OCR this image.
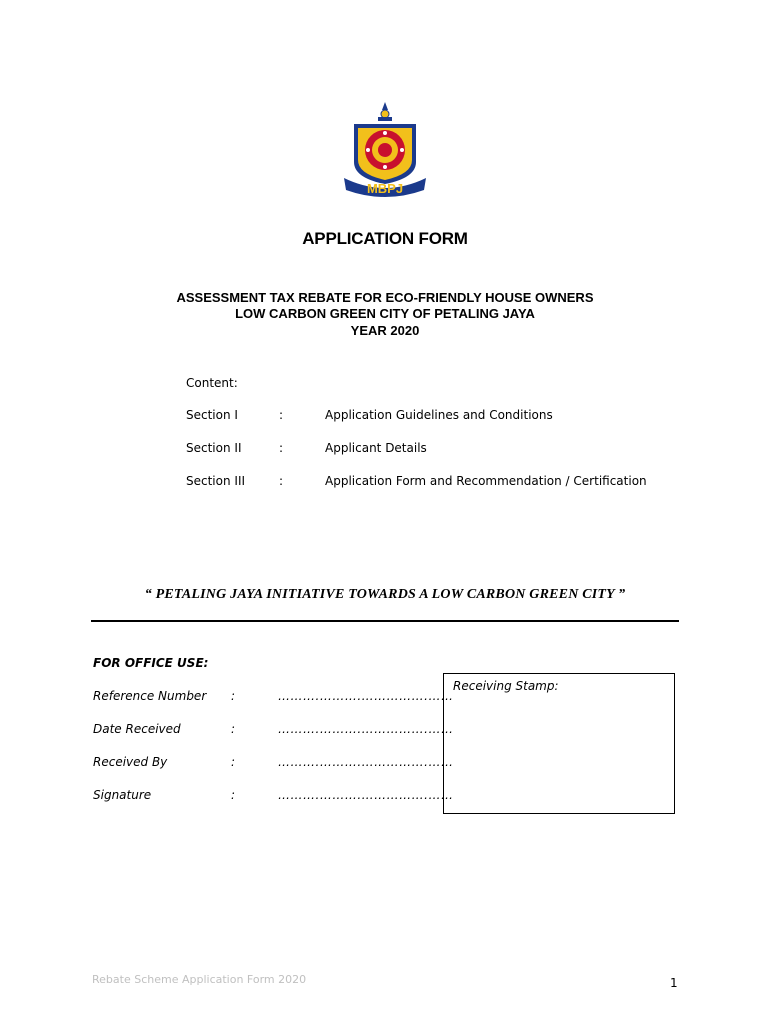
MBPJ
APPLICATION FORM
ASSESSMENT TAX REBATE FOR ECO-FRIENDLY HOUSE OWNERS
LOW CARBON GREEN CITY OF PETALING JAYA
YEAR 2020
Content:
Section I	:	Application Guidelines and Conditions
Section II	:	Applicant Details
Section III	:	Application Form and Recommendation / Certification
“ PETALING JAYA INITIATIVE TOWARDS A LOW CARBON GREEN CITY ”
FOR OFFICE USE:
Reference Number :	……….……….…………….……
Date Received	:	……….……….…………….……
Received By	:	……….……….…………….……
Signature	:	……….……….…………….……
Receiving Stamp:
Rebate Scheme Application Form 2020	1
